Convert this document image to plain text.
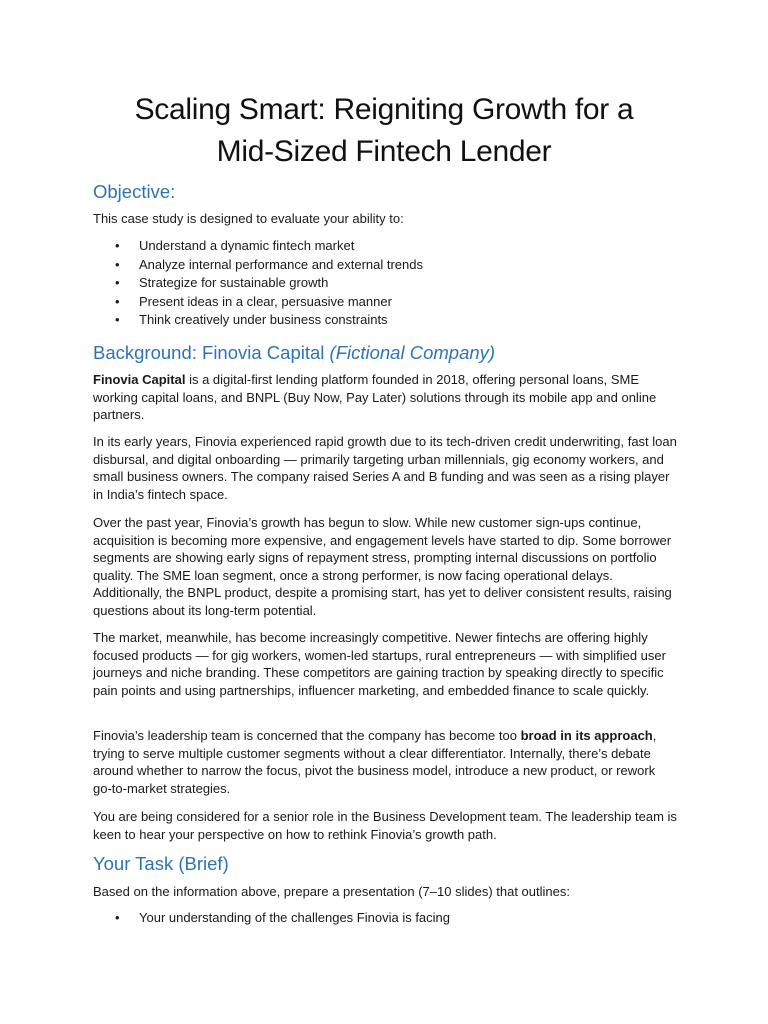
Scaling Smart: Reigniting Growth for a
Mid-Sized Fintech Lender
Objective:

This case study is designed to evaluate your ability to:

• Understand a dynamic fintech market
• Analyze internal performance and external trends
• Strategize for sustainable growth
• Present ideas in a clear, persuasive manner
• Think creatively under business constraints
Background: Finovia Capital (Fictional Company)

Finovia Capital is a digital-first lending platform founded in 2018, offering personal loans, SME working capital loans, and BNPL (Buy Now, Pay Later) solutions through its mobile app and online partners.

In its early years, Finovia experienced rapid growth due to its tech-driven credit underwriting, fast loan disbursal, and digital onboarding — primarily targeting urban millennials, gig economy workers, and small business owners. The company raised Series A and B funding and was seen as a rising player in India’s fintech space.

Over the past year, Finovia’s growth has begun to slow. While new customer sign-ups continue, acquisition is becoming more expensive, and engagement levels have started to dip. Some borrower segments are showing early signs of repayment stress, prompting internal discussions on portfolio quality. The SME loan segment, once a strong performer, is now facing operational delays. Additionally, the BNPL product, despite a promising start, has yet to deliver consistent results, raising questions about its long-term potential.

The market, meanwhile, has become increasingly competitive. Newer fintechs are offering highly focused products — for gig workers, women-led startups, rural entrepreneurs — with simplified user journeys and niche branding. These competitors are gaining traction by speaking directly to specific pain points and using partnerships, influencer marketing, and embedded finance to scale quickly.

Finovia’s leadership team is concerned that the company has become too broad in its approach, trying to serve multiple customer segments without a clear differentiator. Internally, there’s debate around whether to narrow the focus, pivot the business model, introduce a new product, or rework go-to-market strategies.

You are being considered for a senior role in the Business Development team. The leadership team is keen to hear your perspective on how to rethink Finovia’s growth path.

Your Task (Brief)

Based on the information above, prepare a presentation (7–10 slides) that outlines:

• Your understanding of the challenges Finovia is facing
